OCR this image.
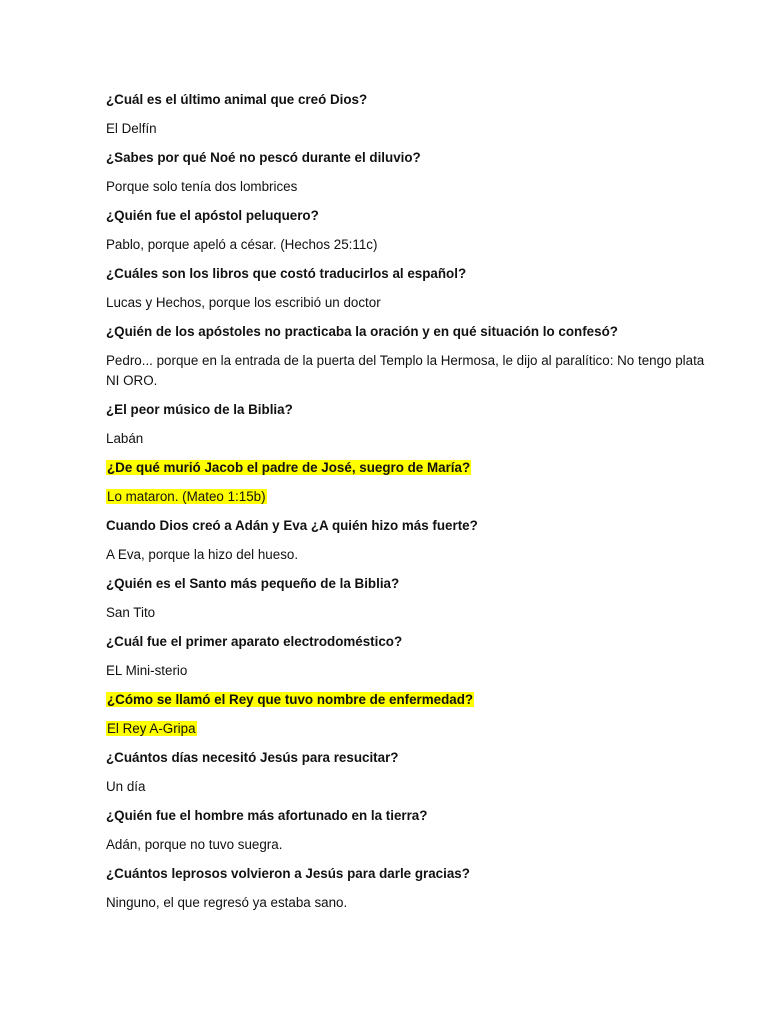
¿Cuál es el último animal que creó Dios?

El Delfín

¿Sabes por qué Noé no pescó durante el diluvio?

Porque solo tenía dos lombrices

¿Quién fue el apóstol peluquero?

Pablo, porque apeló a césar. (Hechos 25:11c)

¿Cuáles son los libros que costó traducirlos al español?

Lucas y Hechos, porque los escribió un doctor

¿Quién de los apóstoles no practicaba la oración y en qué situación lo confesó?

Pedro... porque en la entrada de la puerta del Templo la Hermosa, le dijo al paralítico: No tengo plata NI ORO.

¿El peor músico de la Biblia?

Labán

¿De qué murió Jacob el padre de José, suegro de María?

Lo mataron. (Mateo 1:15b)

Cuando Dios creó a Adán y Eva ¿A quién hizo más fuerte?

A Eva, porque la hizo del hueso.

¿Quién es el Santo más pequeño de la Biblia?

San Tito

¿Cuál fue el primer aparato electrodoméstico?

EL Mini-sterio

¿Cómo se llamó el Rey que tuvo nombre de enfermedad?

El Rey A-Gripa

¿Cuántos días necesitó Jesús para resucitar?

Un día

¿Quién fue el hombre más afortunado en la tierra?

Adán, porque no tuvo suegra.

¿Cuántos leprosos volvieron a Jesús para darle gracias?

Ninguno, el que regresó ya estaba sano.
